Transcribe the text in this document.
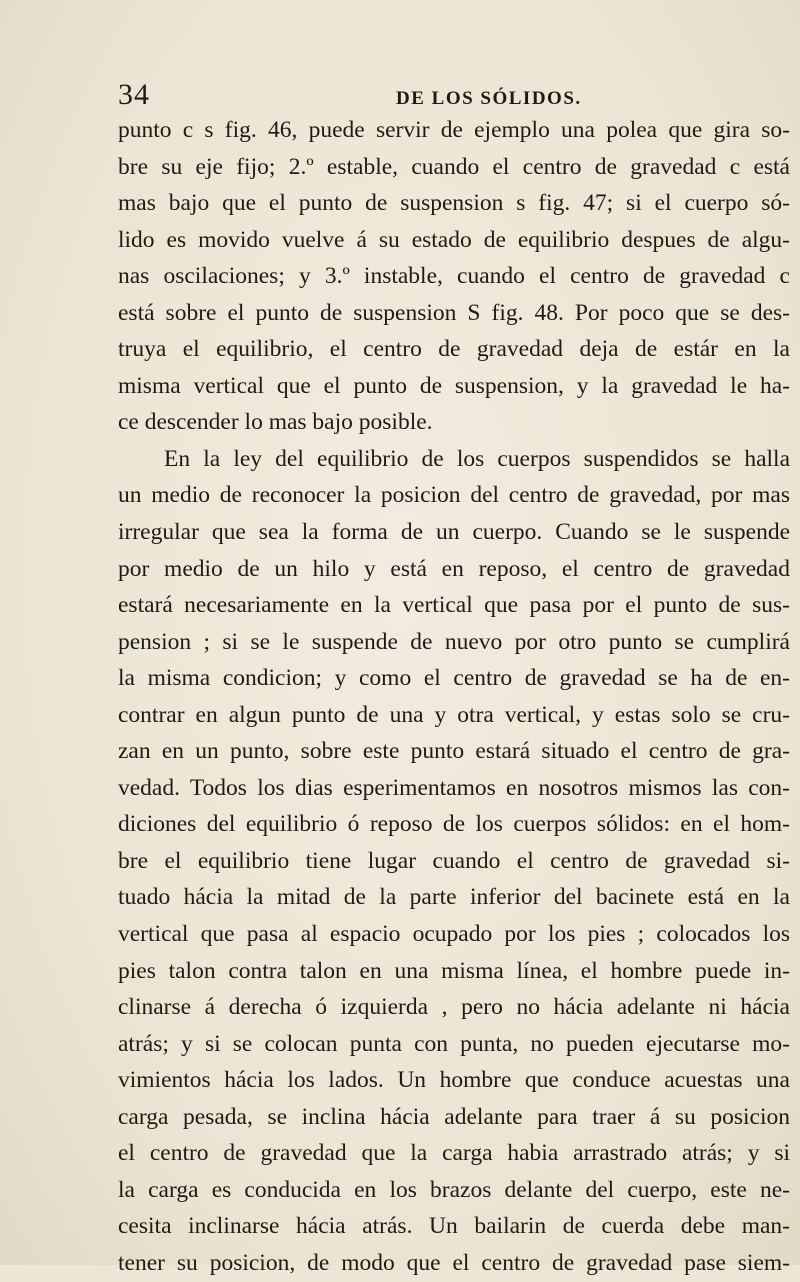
34	DE LOS SÓLIDOS.
punto c s fig. 46, puede servir de ejemplo una polea que gira so-
bre su eje fijo; 2.º estable, cuando el centro de gravedad c está
mas bajo que el punto de suspension s fig. 47; si el cuerpo só-
lido es movido vuelve á su estado de equilibrio despues de algu-
nas oscilaciones; y 3.º instable, cuando el centro de gravedad c
está sobre el punto de suspension S fig. 48. Por poco que se des-
truya el equilibrio, el centro de gravedad deja de estár en la
misma vertical que el punto de suspension, y la gravedad le ha-
ce descender lo mas bajo posible.
En la ley del equilibrio de los cuerpos suspendidos se halla
un medio de reconocer la posicion del centro de gravedad, por mas
irregular que sea la forma de un cuerpo. Cuando se le suspende
por medio de un hilo y está en reposo, el centro de gravedad
estará necesariamente en la vertical que pasa por el punto de sus-
pension ; si se le suspende de nuevo por otro punto se cumplirá
la misma condicion; y como el centro de gravedad se ha de en-
contrar en algun punto de una y otra vertical, y estas solo se cru-
zan en un punto, sobre este punto estará situado el centro de gra-
vedad. Todos los dias esperimentamos en nosotros mismos las con-
diciones del equilibrio ó reposo de los cuerpos sólidos: en el hom-
bre el equilibrio tiene lugar cuando el centro de gravedad si-
tuado hácia la mitad de la parte inferior del bacinete está en la
vertical que pasa al espacio ocupado por los pies ; colocados los
pies talon contra talon en una misma línea, el hombre puede in-
clinarse á derecha ó izquierda , pero no hácia adelante ni hácia
atrás; y si se colocan punta con punta, no pueden ejecutarse mo-
vimientos hácia los lados. Un hombre que conduce acuestas una
carga pesada, se inclina hácia adelante para traer á su posicion
el centro de gravedad que la carga habia arrastrado atrás; y si
la carga es conducida en los brazos delante del cuerpo, este ne-
cesita inclinarse hácia atrás. Un bailarin de cuerda debe man-
tener su posicion, de modo que el centro de gravedad pase siem-
